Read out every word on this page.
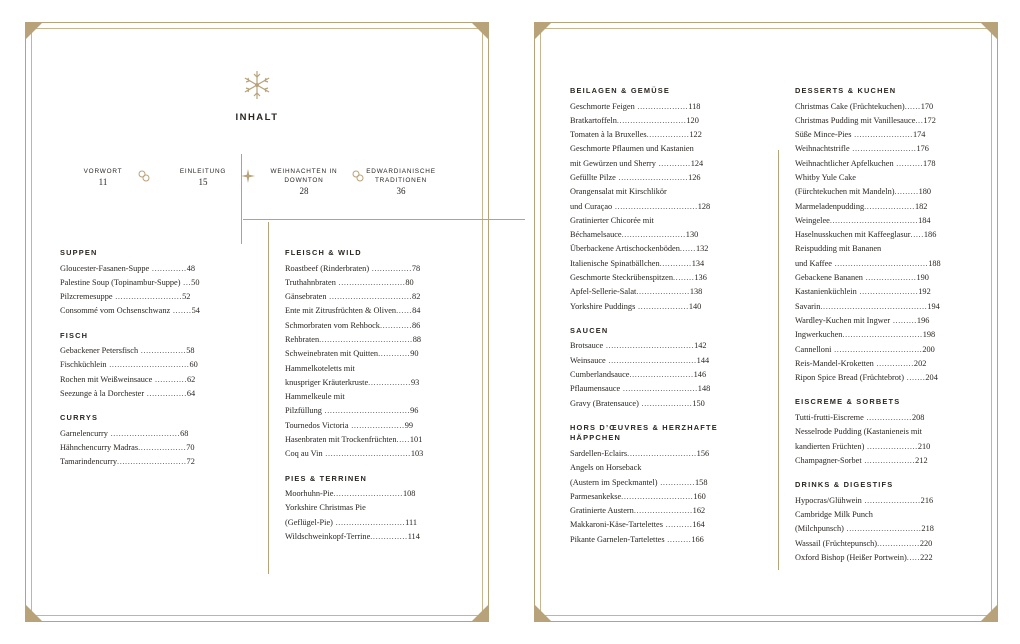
INHALT
VORWORT
11
EINLEITUNG
15
WEIHNACHTEN IN DOWNTON
28
EDWARDIANISCHE TRADITIONEN
36
SUPPEN
Gloucester-Fasanen-Suppe .............48
Palestine Soup (Topinambur-Suppe) ...50
Pilzcremesuppe .........................52
Consommé vom Ochsenschwanz .......54
FISCH
Gebackener Petersfisch .................58
Fischküchlein ..............................60
Rochen mit Weißweinsauce ............62
Seezunge à la Dorchester ...............64
CURRYS
Garnelencurry ..........................68
Hähnchencurry Madras..................70
Tamarindencurry..........................72
FLEISCH & WILD
Roastbeef (Rinderbraten) ...............78
Truthahnbraten .........................80
Gänsebraten ...............................82
Ente mit Zitrusfrüchten & Oliven......84
Schmorbraten vom Rehbock............86
Rehbraten...................................88
Schweinebraten mit Quitten............90
Hammelkoteletts mit
knuspriger Kräuterkruste................93
Hammelkeule mit
Pilzfüllung ................................96
Tournedos Victoria ....................99
Hasenbraten mit Trockenfrüchten.....101
Coq au Vin ................................103
PIES & TERRINEN
Moorhuhn-Pie..........................108
Yorkshire Christmas Pie
(Geflügel-Pie) ..........................111
Wildschweinkopf-Terrine..............114
BEILAGEN & GEMÜSE
Geschmorte Feigen ...................118
Bratkartoffeln..........................120
Tomaten à la Bruxelles................122
Geschmorte Pflaumen und Kastanien
mit Gewürzen und Sherry ............124
Gefüllte Pilze ..........................126
Orangensalat mit Kirschlikör
und Curaçao ...............................128
Gratinierter Chicorée mit
Béchamelsauce........................130
Überbackene Artischockenböden......132
Italienische Spinatbällchen............134
Geschmorte Steckrübenspitzen........136
Apfel-Sellerie-Salat....................138
Yorkshire Puddings ...................140
SAUCEN
Brotsauce .................................142
Weinsauce .................................144
Cumberlandsauce........................146
Pflaumensauce ............................148
Gravy (Bratensauce) ...................150
HORS D’ŒUVRES & HERZHAFTE HÄPPCHEN
Sardellen-Eclairs..........................156
Angels on Horseback
(Austern im Speckmantel) .............158
Parmesankekse...........................160
Gratinierte Austern......................162
Makkaroni-Käse-Tartelettes ..........164
Pikante Garnelen-Tartelettes .........166
DESSERTS & KUCHEN
Christmas Cake (Früchtekuchen)......170
Christmas Pudding mit Vanillesauce...172
Süße Mince-Pies ......................174
Weihnachtstrifle ........................176
Weihnachtlicher Apfelkuchen ..........178
Whitby Yule Cake
(Fürchtekuchen mit Mandeln).........180
Marmeladenpudding...................182
Weingelee.................................184
Haselnusskuchen mit Kaffeeglasur.....186
Reispudding mit Bananen
und Kaffee ...................................188
Gebackene Bananen ...................190
Kastanienküchlein ......................192
Savarin........................................194
Wardley-Kuchen mit Ingwer .........196
Ingwerkuchen..............................198
Cannelloni .................................200
Reis-Mandel-Kroketten ..............202
Ripon Spice Bread (Früchtebrot) .......204
EISCREME & SORBETS
Tutti-frutti-Eiscreme .................208
Nesselrode Pudding (Kastanieneis mit
kandierten Früchten) ...................210
Champagner-Sorbet ...................212
DRINKS & DIGESTIFS
Hypocras/Glühwein .....................216
Cambridge Milk Punch
(Milchpunsch) ............................218
Wassail (Früchtepunsch)................220
Oxford Bishop (Heißer Portwein).....222
